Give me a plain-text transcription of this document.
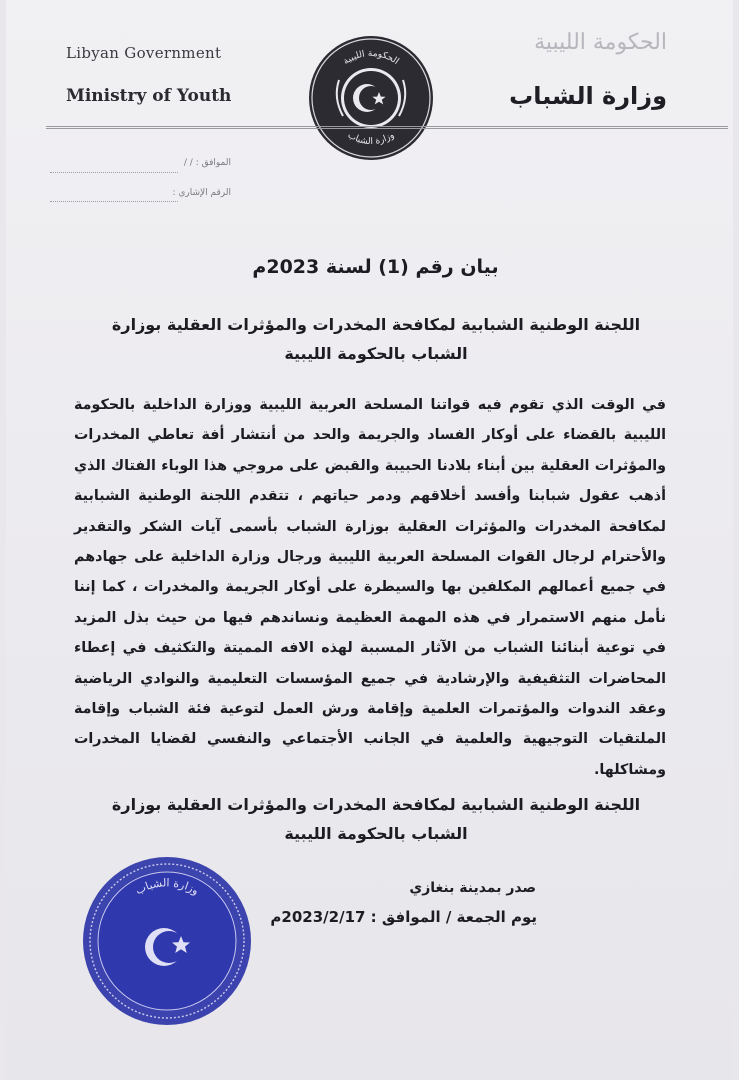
Libyan Government
Ministry of Youth
الحكومة الليبية
وزارة الشباب
الحكومة الليبية
وزارة الشباب
الموافق : / /
الرقم الإشاري :
بيان رقم (1) لسنة 2023م
اللجنة الوطنية الشبابية لمكافحة المخدرات والمؤثرات العقلية بوزارة
الشباب بالحكومة الليبية
في الوقت الذي تقوم فيه قواتنا المسلحة العربية الليبية ووزارة الداخلية بالحكومة الليبية بالقضاء على أوكار الفساد والجريمة والحد من أنتشار أفة تعاطي المخدرات والمؤثرات العقلية بين أبناء بلادنا الحبيبة والقبض على مروجي هذا الوباء الفتاك الذي أذهب عقول شبابنا وأفسد أخلاقهم ودمر حياتهم ، تتقدم اللجنة الوطنية الشبابية لمكافحة المخدرات والمؤثرات العقلية بوزارة الشباب بأسمى آيات الشكر والتقدير والأحترام لرجال القوات المسلحة العربية الليبية ورجال وزارة الداخلية على جهادهم في جميع أعمالهم المكلفين بها والسيطرة على أوكار الجريمة والمخدرات ، كما إننا نأمل منهم الاستمرار في هذه المهمة العظيمة ونساندهم فيها من حيث بذل المزيد في توعية أبنائنا الشباب من الآثار المسببة لهذه الافه المميتة والتكثيف في إعطاء المحاضرات التثقيفية والإرشادية في جميع المؤسسات التعليمية والنوادي الرياضية وعقد الندوات والمؤتمرات العلمية وإقامة ورش العمل لتوعية فئة الشباب وإقامة الملتقيات التوجيهية والعلمية في الجانب الأجتماعي والنفسي لقضايا المخدرات ومشاكلها.
اللجنة الوطنية الشبابية لمكافحة المخدرات والمؤثرات العقلية بوزارة
الشباب بالحكومة الليبية
صدر بمدينة بنغازي
يوم الجمعة / الموافق : 2023/2/17م
وزارة الشباب
